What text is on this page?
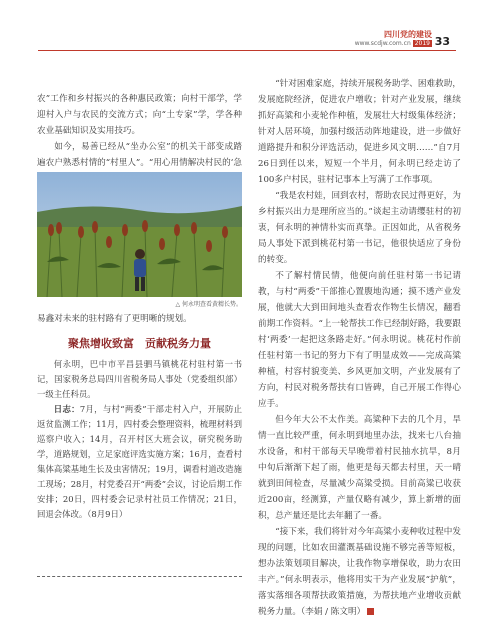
四川党的建设
www.scdjw.com.cn 2019 33

农”工作和乡村振兴的各种惠民政策；向村干部学，学迎村入户与农民的交流方式；向“土专家”学，学各种农业基础知识及实用技巧。

如今，易善已经从“坐办公室”的机关干部变成踏遍农户熟悉村情的“村里人”。“用心用情解决村民的‘急

△ 何永明查看黄精长势。

易鑫对未来的驻村路有了更明晰的规划。

聚焦增收致富　贡献税务力量

何永明，巴中市平昌县驷马镇桃花村驻村第一书记，国家税务总局四川省税务局人事处（党委组织部）一级主任科员。

日志：7月，与村“两委”干部走村入户，开展防止返贫监测工作；11月，四村委会整理资料，梳理材料到巡察户收入；14月，召开村区大班会议，研究税务助学，道路规划，立足家庭评选实施方案；16月，查看村集体高粱基地生长及虫害情况；19月，调看村道改造施工现场；28月，村党委召开“两委”会议，讨论后期工作安排；20日，四村委会记录村社员工作情况；21日，回退会体改。（8月9日）

“针对困难家庭，持续开展税务助学、困难救助，发展庭院经济，促进农户增收；针对产业发展，继续抓好高粱和小麦轮作种植，发展壮大村级集体经济；针对人居环境，加强村级活动阵地建设，进一步做好道路提升和积分评选活动，促进乡风文明……”自7月26日到任以来，短短一个半月，何永明已经走访了100多户村民，驻村记事本上写满了工作事项。

“我是农村娃，回到农村，帮助农民过得更好，为乡村振兴出力是理所应当的。”谈起主动请缨驻村的初衷，何永明的神情朴实而真挚。正因如此，从省税务局人事处下派到桃花村第一书记，他很快适应了身份的转变。

不了解村情民情，他便向前任驻村第一书记请教，与村“两委”干部推心置腹地沟通；摸不透产业发展，他就大大到田间地头查看农作物生长情况，翻看前期工作资料。“上一轮帮扶工作已经制好路，我要跟村‘两委’一起把这条路走好。”何永明说。桃花村作前任驻村第一书记的努力下有了明显成效——完成高粱种植，村容村貌变美、乡风更加文明，产业发展有了方向，村民对税务帮扶有口皆碑，自己开展工作得心应手。

但今年大公不太作美。高粱种下去的几个月，旱情一直比较严重，何永明到地里办法，找来七八台抽水设备，和村干部每天早晚带着村民抽水抗旱，8月中旬后渐渐下起了雨，他更是每天都去村里，天一晴就到田间检查，尽量减少高粱受损。目前高粱已收获近200亩，经测算，产量仅略有减少，算上新增的面积，总产量还是比去年翻了一番。

“接下来，我们将针对今年高粱小麦种收过程中发现的问题，比如农田灌溉基础设施不够完善等短板，想办法策划项目解决，让我作物享增保收，助力农田丰产。”何永明表示，他将用实干为产业发展“护航”，落实落细各项帮扶政策措施，为帮扶地产业增收贡献税务力量。（李娟 / 陈文明）
